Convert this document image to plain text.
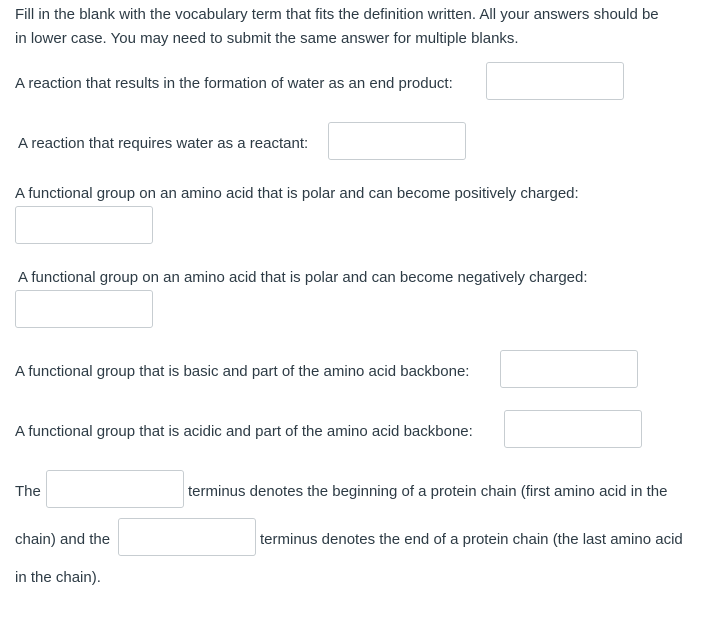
Fill in the blank with the vocabulary term that fits the definition written. All your answers should be
in lower case. You may need to submit the same answer for multiple blanks.
A reaction that results in the formation of water as an end product:
A reaction that requires water as a reactant:
A functional group on an amino acid that is polar and can become positively charged:
A functional group on an amino acid that is polar and can become negatively charged:
A functional group that is basic and part of the amino acid backbone:
A functional group that is acidic and part of the amino acid backbone:
The	terminus denotes the beginning of a protein chain (first amino acid in the
chain) and the	terminus denotes the end of a protein chain (the last amino acid
in the chain).
